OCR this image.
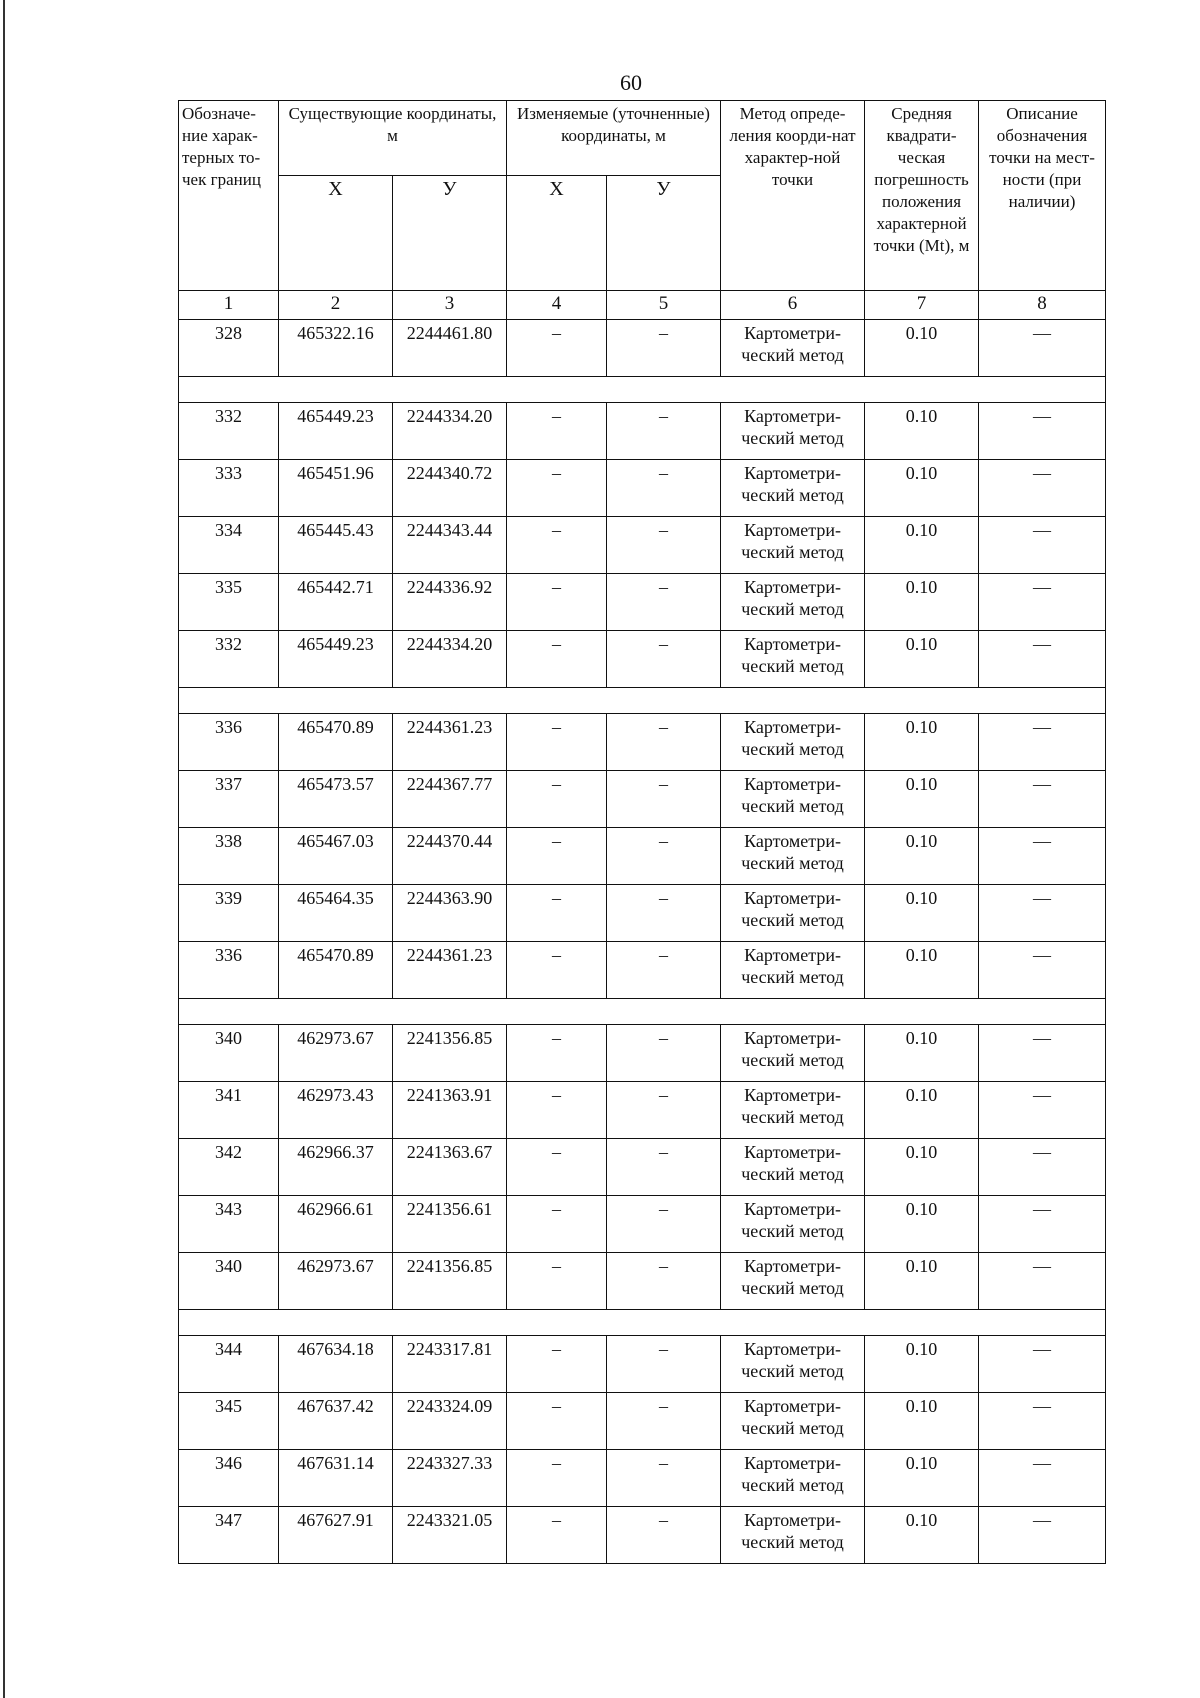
60
Обозначе-ние харак-терных то-чек границ	Существующие координаты, м		Изменяемые (уточненные) координаты, м		Метод опреде-ления коорди-нат характер-ной точки	Средняя квадрати-ческая погрешность положения характерной точки (Mt), м	Описание обозначения точки на мест-ности (при наличии)
	X	У	X	У			
1	2	3	4	5	6	7	8
328	465322.16	2244461.80	–	–	Картометри-ческий метод	0.10	—

332	465449.23	2244334.20	–	–	Картометри-ческий метод	0.10	—
333	465451.96	2244340.72	–	–	Картометри-ческий метод	0.10	—
334	465445.43	2244343.44	–	–	Картометри-ческий метод	0.10	—
335	465442.71	2244336.92	–	–	Картометри-ческий метод	0.10	—
332	465449.23	2244334.20	–	–	Картометри-ческий метод	0.10	—

336	465470.89	2244361.23	–	–	Картометри-ческий метод	0.10	—
337	465473.57	2244367.77	–	–	Картометри-ческий метод	0.10	—
338	465467.03	2244370.44	–	–	Картометри-ческий метод	0.10	—
339	465464.35	2244363.90	–	–	Картометри-ческий метод	0.10	—
336	465470.89	2244361.23	–	–	Картометри-ческий метод	0.10	—

340	462973.67	2241356.85	–	–	Картометри-ческий метод	0.10	—
341	462973.43	2241363.91	–	–	Картометри-ческий метод	0.10	—
342	462966.37	2241363.67	–	–	Картометри-ческий метод	0.10	—
343	462966.61	2241356.61	–	–	Картометри-ческий метод	0.10	—
340	462973.67	2241356.85	–	–	Картометри-ческий метод	0.10	—

344	467634.18	2243317.81	–	–	Картометри-ческий метод	0.10	—
345	467637.42	2243324.09	–	–	Картометри-ческий метод	0.10	—
346	467631.14	2243327.33	–	–	Картометри-ческий метод	0.10	—
347	467627.91	2243321.05	–	–	Картометри-ческий метод	0.10	—
